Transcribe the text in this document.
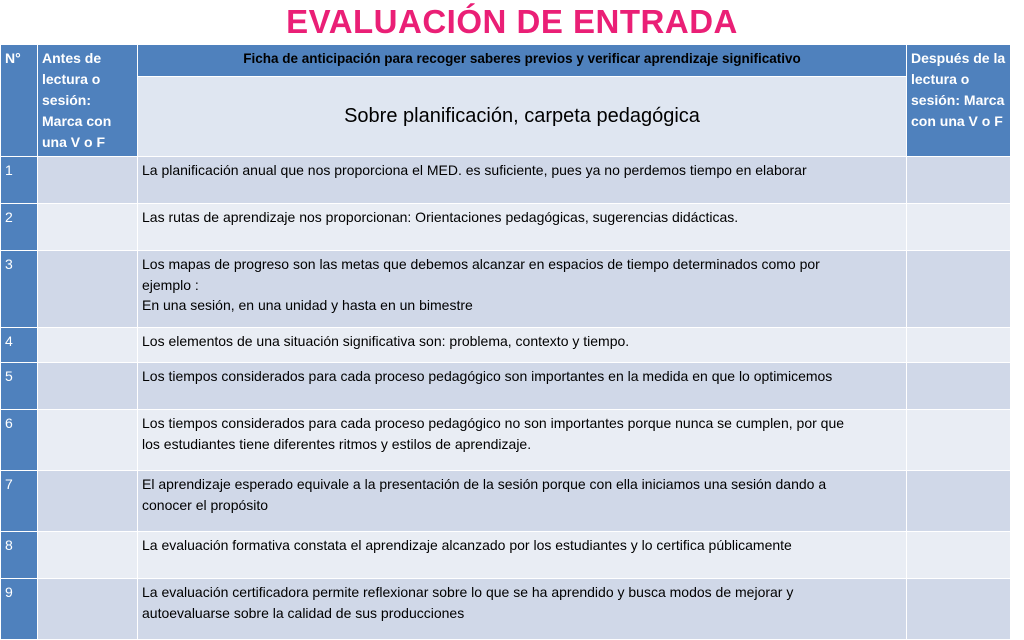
EVALUACIÓN DE ENTRADA
N°	Antes de lectura o sesión: Marca con una V o F	Ficha de anticipación para recoger saberes previos y verificar aprendizaje significativo	Después de la lectura o sesión: Marca con una V o F
		Sobre planificación, carpeta pedagógica	
1		La planificación anual que nos proporciona el MED. es suficiente, pues ya no perdemos tiempo en elaborar	

2		Las rutas de aprendizaje nos proporcionan: Orientaciones pedagógicas, sugerencias didácticas.	

3		Los mapas de progreso son las metas que debemos alcanzar en espacios de tiempo determinados como por
ejemplo :
En una sesión, en una unidad y hasta en un bimestre	

4		Los elementos de una situación significativa son: problema, contexto y tiempo.	

5		Los tiempos considerados para cada proceso pedagógico son importantes en la medida en que lo optimicemos	

6		Los tiempos considerados para cada proceso pedagógico no son importantes porque nunca se cumplen, por que
los estudiantes tiene diferentes ritmos y estilos de aprendizaje.	

7		El aprendizaje esperado equivale a la presentación de la sesión porque con ella iniciamos una sesión dando a
conocer el propósito	

8		La evaluación formativa constata el aprendizaje alcanzado por los estudiantes y lo certifica públicamente	

9		La evaluación certificadora permite reflexionar sobre lo que se ha aprendido y busca modos de mejorar y
autoevaluarse sobre la calidad de sus producciones	
